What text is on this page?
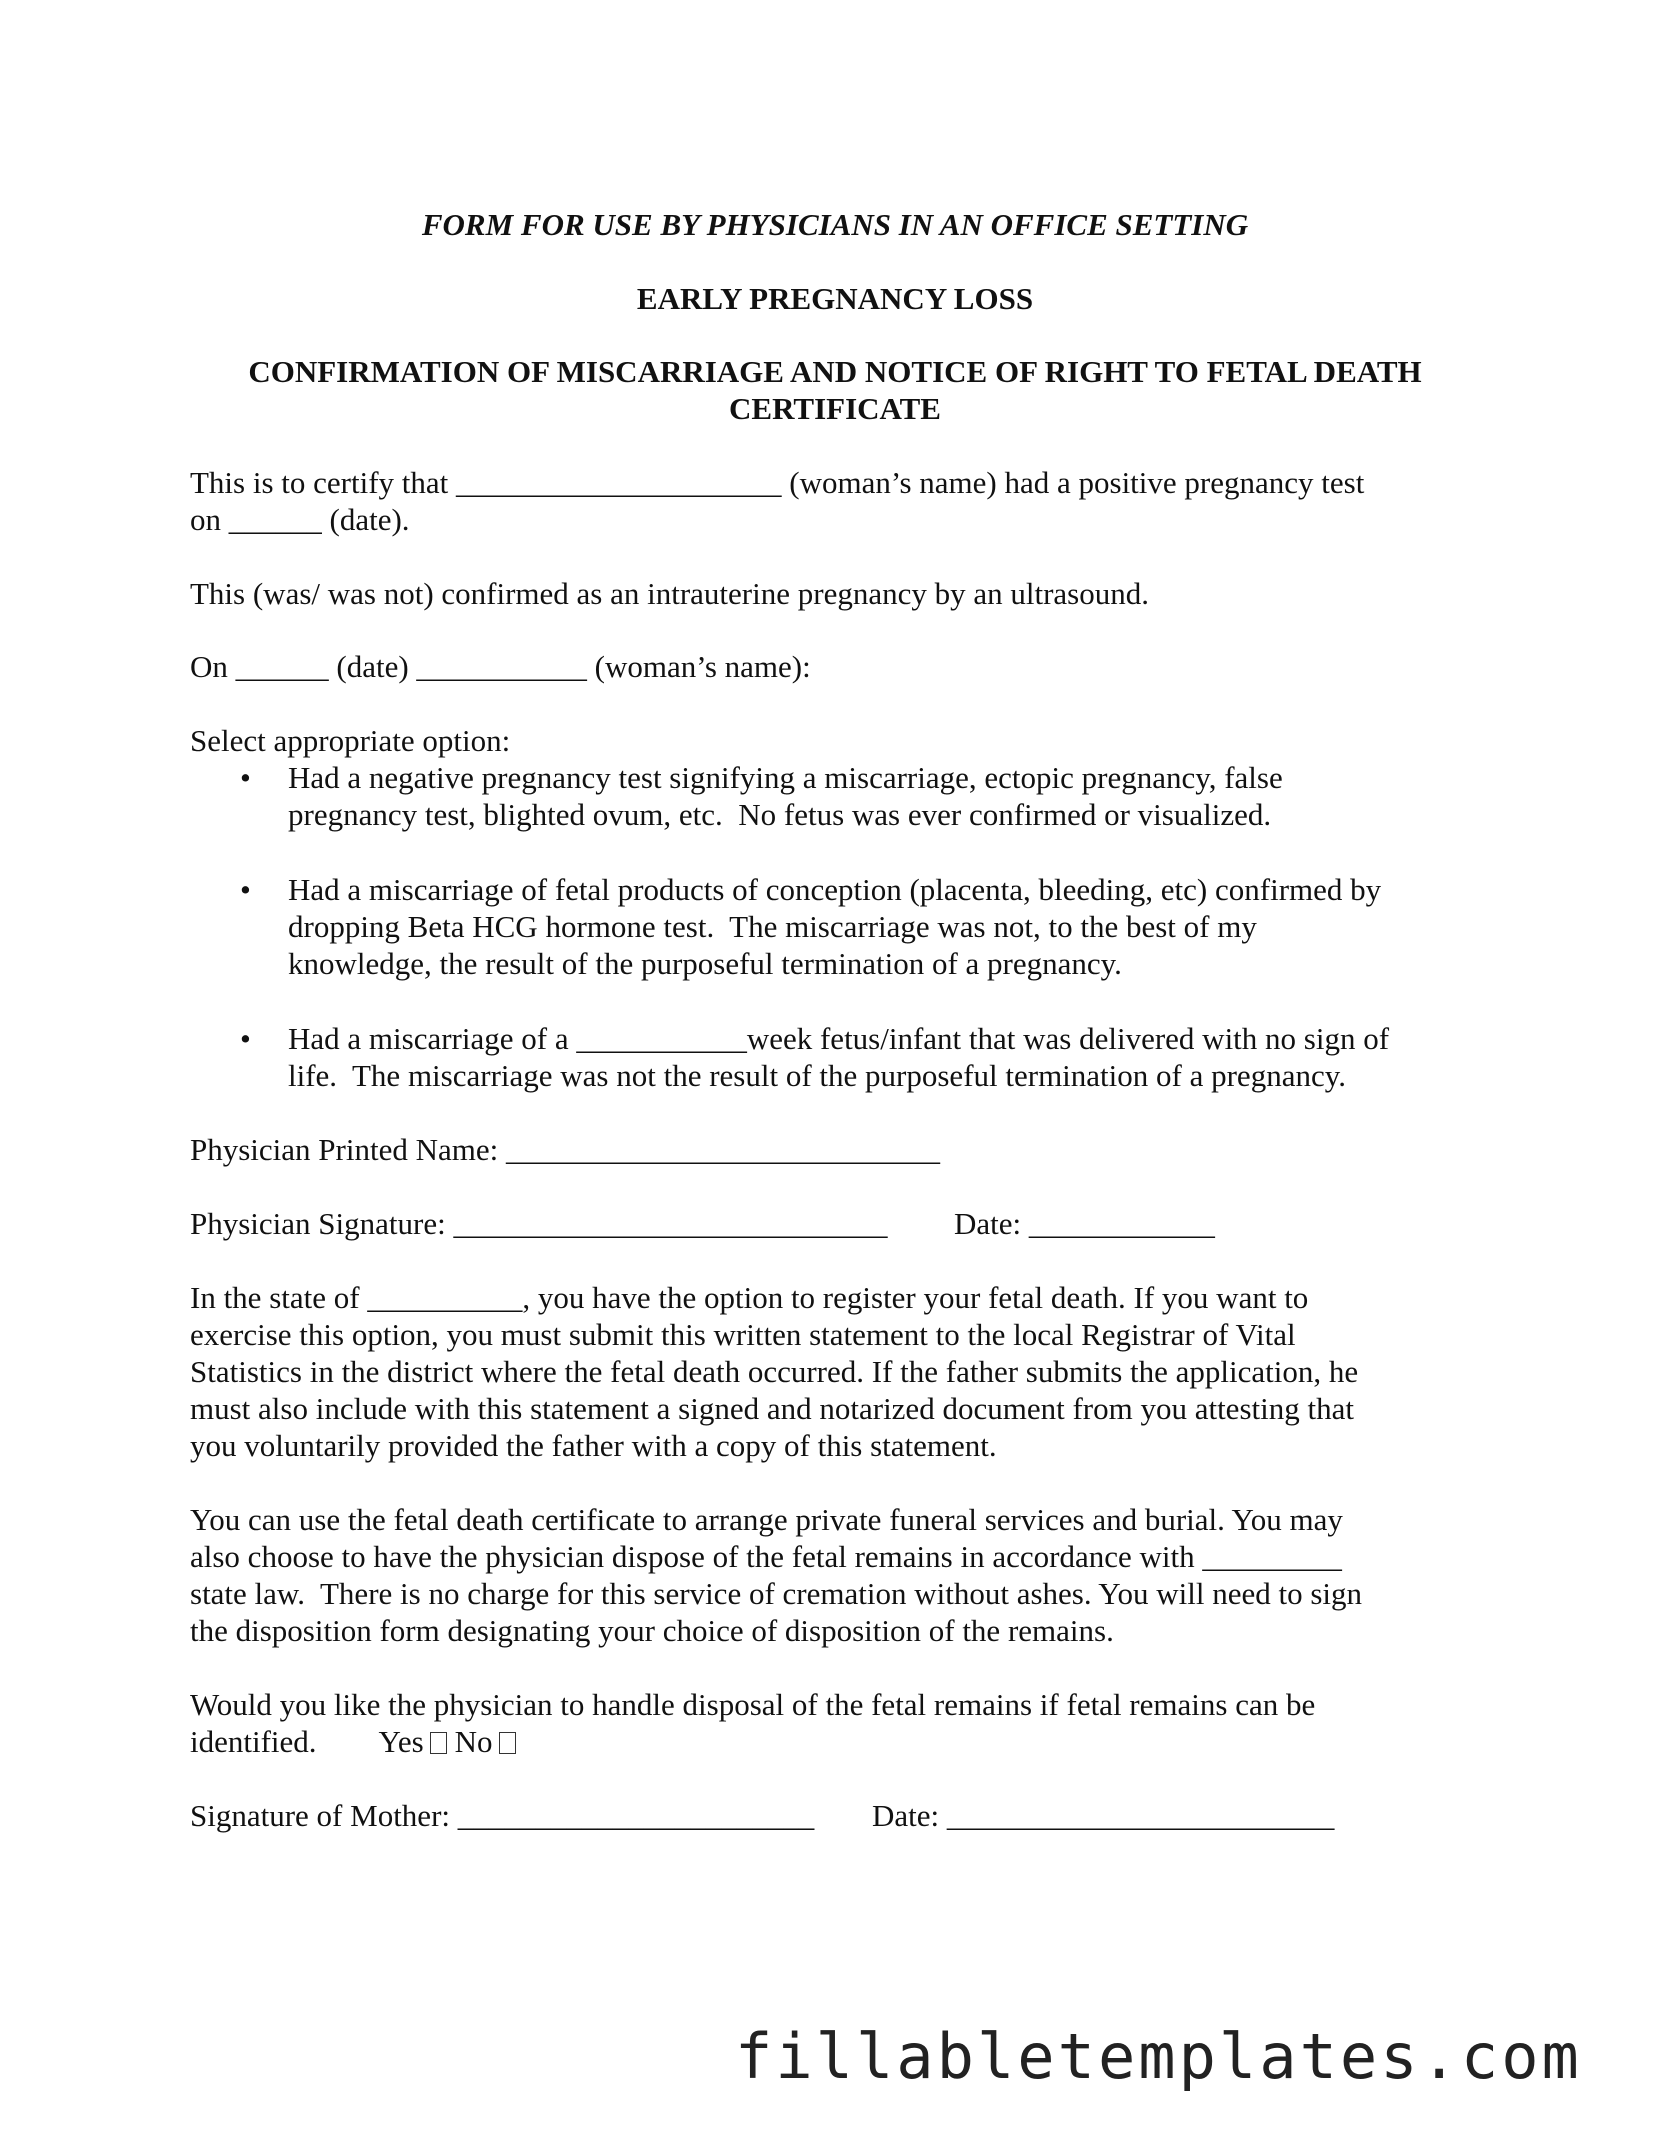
FORM FOR USE BY PHYSICIANS IN AN OFFICE SETTING
EARLY PREGNANCY LOSS
CONFIRMATION OF MISCARRIAGE AND NOTICE OF RIGHT TO FETAL DEATH
CERTIFICATE
This is to certify that _____________________ (woman’s name) had a positive pregnancy test
on ______ (date).
This (was/ was not) confirmed as an intrauterine pregnancy by an ultrasound.
On ______ (date) ___________ (woman’s name):
Select appropriate option:
• Had a negative pregnancy test signifying a miscarriage, ectopic pregnancy, false
pregnancy test, blighted ovum, etc.  No fetus was ever confirmed or visualized.
• Had a miscarriage of fetal products of conception (placenta, bleeding, etc) confirmed by
dropping Beta HCG hormone test.  The miscarriage was not, to the best of my
knowledge, the result of the purposeful termination of a pregnancy.
• Had a miscarriage of a ___________week fetus/infant that was delivered with no sign of
life.  The miscarriage was not the result of the purposeful termination of a pregnancy.
Physician Printed Name: ____________________________
Physician Signature: ____________________________	Date: ____________
In the state of __________, you have the option to register your fetal death. If you want to
exercise this option, you must submit this written statement to the local Registrar of Vital
Statistics in the district where the fetal death occurred. If the father submits the application, he
must also include with this statement a signed and notarized document from you attesting that
you voluntarily provided the father with a copy of this statement.
You can use the fetal death certificate to arrange private funeral services and burial. You may
also choose to have the physician dispose of the fetal remains in accordance with _________
state law.  There is no charge for this service of cremation without ashes. You will need to sign
the disposition form designating your choice of disposition of the remains.
Would you like the physician to handle disposal of the fetal remains if fetal remains can be
identified. Yes No
Signature of Mother: _______________________	Date: _________________________
fillabletemplates.com
